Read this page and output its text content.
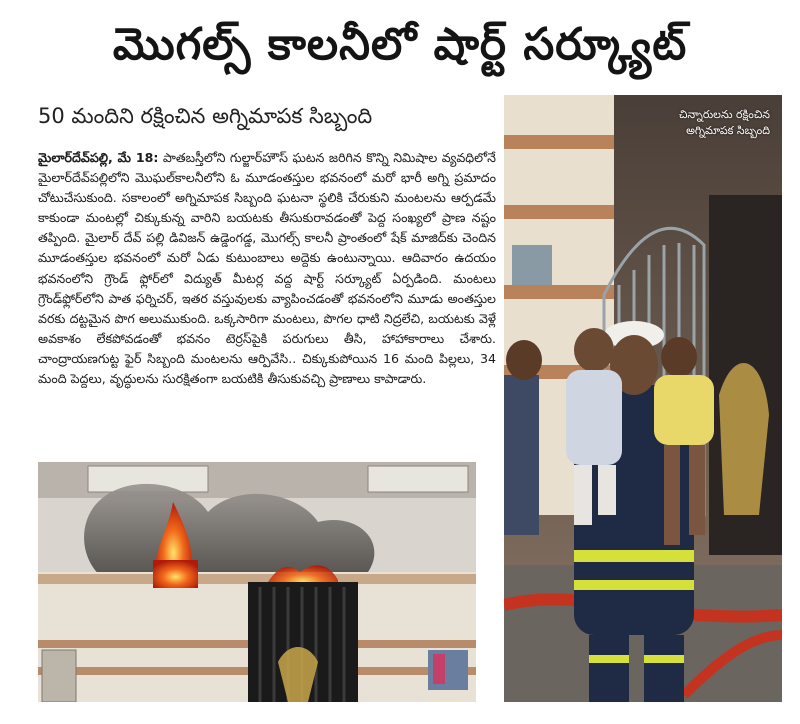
మొగల్స్ కాలనీలో షార్ట్ సర్క్యూట్
50 మందిని రక్షించిన అగ్నిమాపక సిబ్బంది
మైలార్‌దేవ్‌పల్లి, మే 18: పాతబస్తీలోని గుల్జార్‌హౌస్ ఘటన జరిగిన కొన్ని నిమిషాల వ్యవధిలోనే మైలార్‌దేవ్‌పల్లిలోని మొఘల్‌కాలనీలోని ఓ మూడంతస్తుల భవనంలో మరో భారీ అగ్ని ప్రమాదం చోటుచేసుకుంది. సకాలంలో అగ్నిమాపక సిబ్బంది ఘటనా స్థలికి చేరుకుని మంటలను ఆర్పడమే కాకుండా మంటల్లో చిక్కుకున్న వారిని బయటకు తీసుకురావడంతో పెద్ద సంఖ్యలో ప్రాణ నష్టం తప్పింది. మైలార్ దేవ్ పల్లి డివిజన్ ఉడ్డెంగడ్డ, మొగల్స్ కాలనీ ప్రాంతంలో షేక్ మాజిద్‌కు చెందిన మూడంతస్తుల భవనంలో మరో ఏడు కుటుంబాలు అద్దెకు ఉంటున్నాయి. ఆదివారం ఉదయం భవనంలోని గ్రౌండ్ ఫ్లోర్‌లో విద్యుత్ మీటర్ల వద్ద షార్ట్ సర్క్యూట్ ఏర్పడింది. మంటలు గ్రౌండ్‌ఫ్లోర్‌లోని పాత ఫర్నిచర్, ఇతర వస్తువులకు వ్యాపించడంతో భవనంలోని మూడు అంతస్తుల వరకు దట్టమైన పొగ అలుముకుంది. ఒక్కసారిగా మంటలు, పొగల ధాటి నిద్రలేచి, బయటకు వెళ్లే అవకాశం లేకపోవడంతో భవనం టెర్రస్‌పైకి పరుగులు తీసి, హాహాకారాలు చేశారు. చాంద్రాయణగుట్ట ఫైర్ సిబ్బంది మంటలను ఆర్పివేసి.. చిక్కుకుపోయిన 16 మంది పిల్లలు, 34 మంది పెద్దలు, వృద్ధులను సురక్షితంగా బయటికి తీసుకువచ్చి ప్రాణాలు కాపాడారు.
చిన్నారులను రక్షించిన
అగ్నిమాపక సిబ్బంది
